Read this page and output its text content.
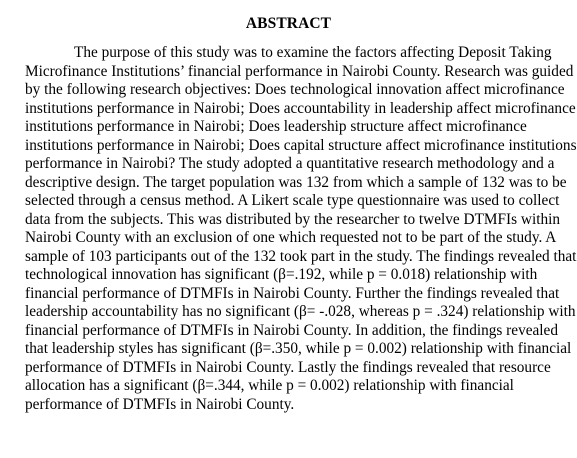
ABSTRACT

The purpose of this study was to examine the factors affecting Deposit Taking Microfinance Institutions’ financial performance in Nairobi County. Research was guided by the following research objectives: Does technological innovation affect microfinance institutions performance in Nairobi; Does accountability in leadership affect microfinance institutions performance in Nairobi; Does leadership structure affect microfinance institutions performance in Nairobi; Does capital structure affect microfinance institutions performance in Nairobi? The study adopted a quantitative research methodology and a descriptive design. The target population was 132 from which a sample of 132 was to be selected through a census method. A Likert scale type questionnaire was used to collect data from the subjects. This was distributed by the researcher to twelve DTMFIs within Nairobi County with an exclusion of one which requested not to be part of the study. A sample of 103 participants out of the 132 took part in the study. The findings revealed that technological innovation has significant (β=.192, while p = 0.018) relationship with financial performance of DTMFIs in Nairobi County. Further the findings revealed that leadership accountability has no significant (β= -.028, whereas p = .324) relationship with financial performance of DTMFIs in Nairobi County. In addition, the findings revealed that leadership styles has significant (β=.350, while p = 0.002) relationship with financial performance of DTMFIs in Nairobi County. Lastly the findings revealed that resource allocation has a significant (β=.344, while p = 0.002) relationship with financial performance of DTMFIs in Nairobi County.
